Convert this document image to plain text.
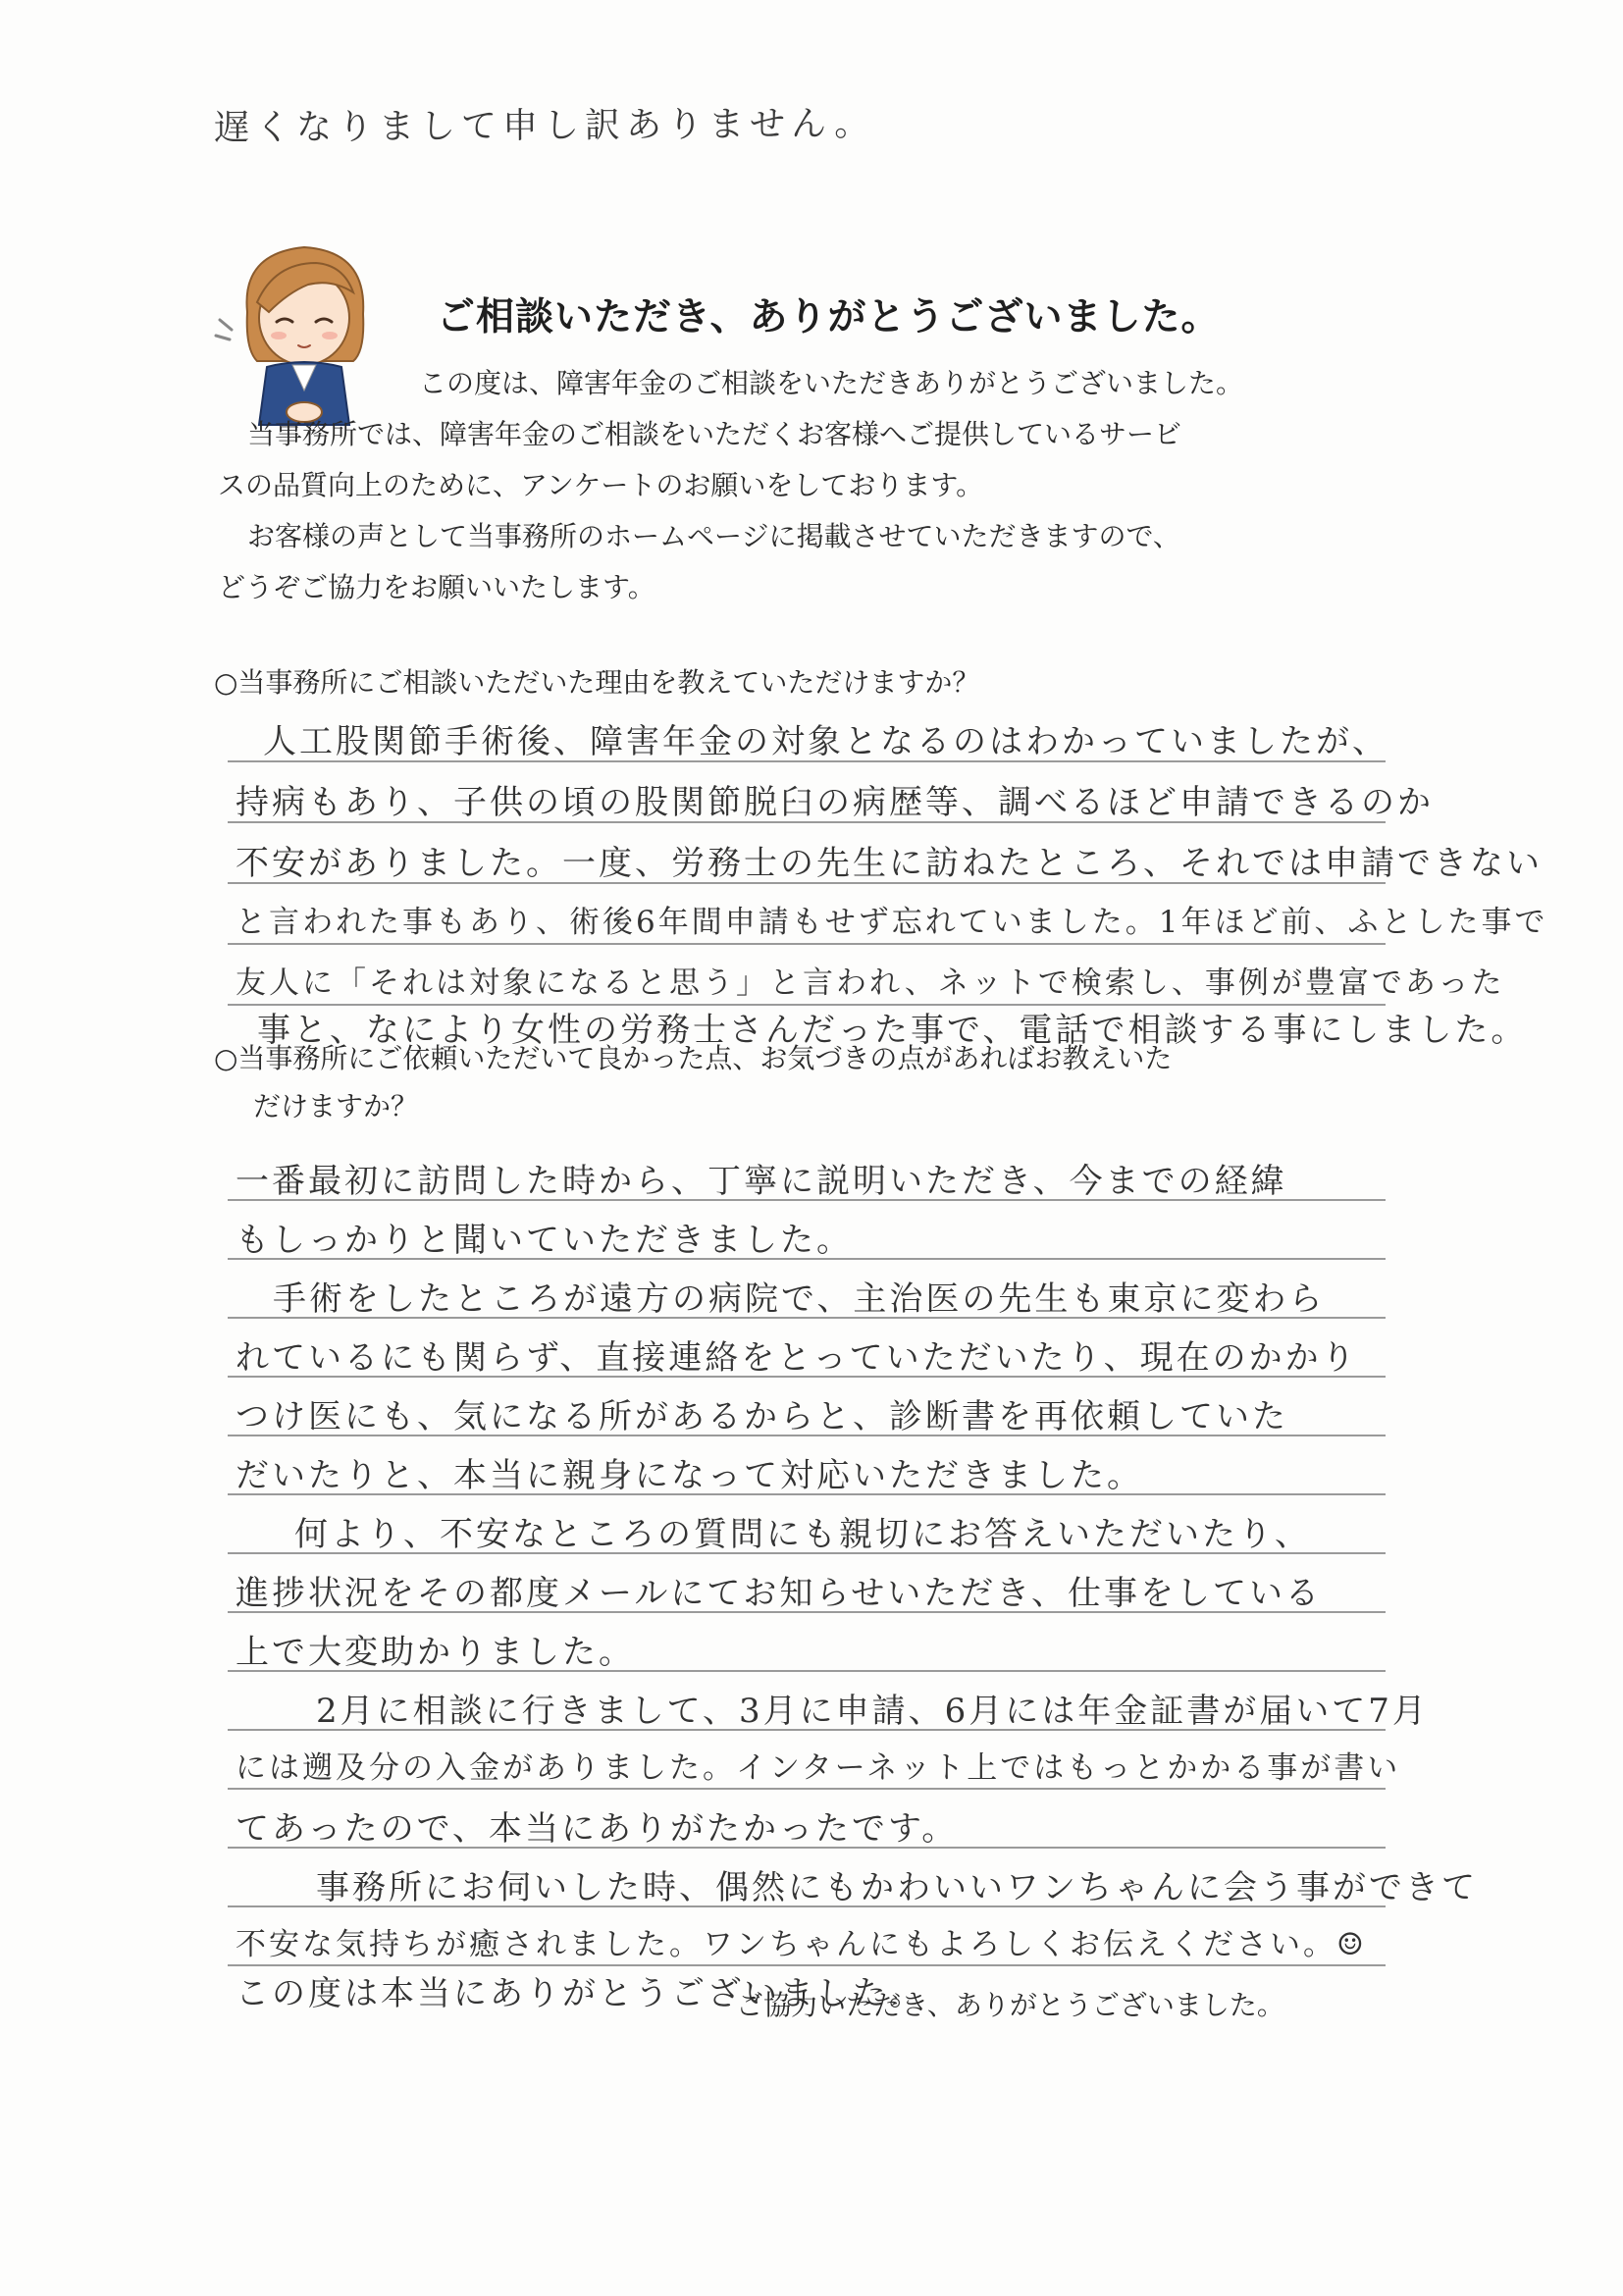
遅くなりまして申し訳ありません。
ご相談いただき、ありがとうございました。

この度は、障害年金のご相談をいただきありがとうございました。

当事務所では、障害年金のご相談をいただくお客様へご提供しているサービ

スの品質向上のために、アンケートのお願いをしております。

お客様の声として当事務所のホームページに掲載させていただきますので、

どうぞご協力をお願いいたします。

○当事務所にご相談いただいた理由を教えていただけますか？
人工股関節手術後、障害年金の対象となるのはわかっていましたが、
持病もあり、子供の頃の股関節脱臼の病歴等、調べるほど申請できるのか
不安がありました。一度、労務士の先生に訪ねたところ、それでは申請できない
と言われた事もあり、術後6年間申請もせず忘れていました。1年ほど前、ふとした事で
友人に「それは対象になると思う」と言われ、ネットで検索し、事例が豊富であった
事と、なにより女性の労務士さんだった事で、電話で相談する事にしました。
○当事務所にご依頼いただいて良かった点、お気づきの点があればお教えいた
だけますか？
一番最初に訪問した時から、丁寧に説明いただき、今までの経緯
もしっかりと聞いていただきました。
手術をしたところが遠方の病院で、主治医の先生も東京に変わら
れているにも関らず、直接連絡をとっていただいたり、現在のかかり
つけ医にも、気になる所があるからと、診断書を再依頼していた
だいたりと、本当に親身になって対応いただきました。
何より、不安なところの質問にも親切にお答えいただいたり、
進捗状況をその都度メールにてお知らせいただき、仕事をしている
上で大変助かりました。
2月に相談に行きまして、3月に申請、6月には年金証書が届いて7月
には遡及分の入金がありました。インターネット上ではもっとかかる事が書い
てあったので、本当にありがたかったです。
事務所にお伺いした時、偶然にもかわいいワンちゃんに会う事ができて
不安な気持ちが癒されました。ワンちゃんにもよろしくお伝えください。☺
この度は本当にありがとうございました。
ご協力いただき、ありがとうございました。
